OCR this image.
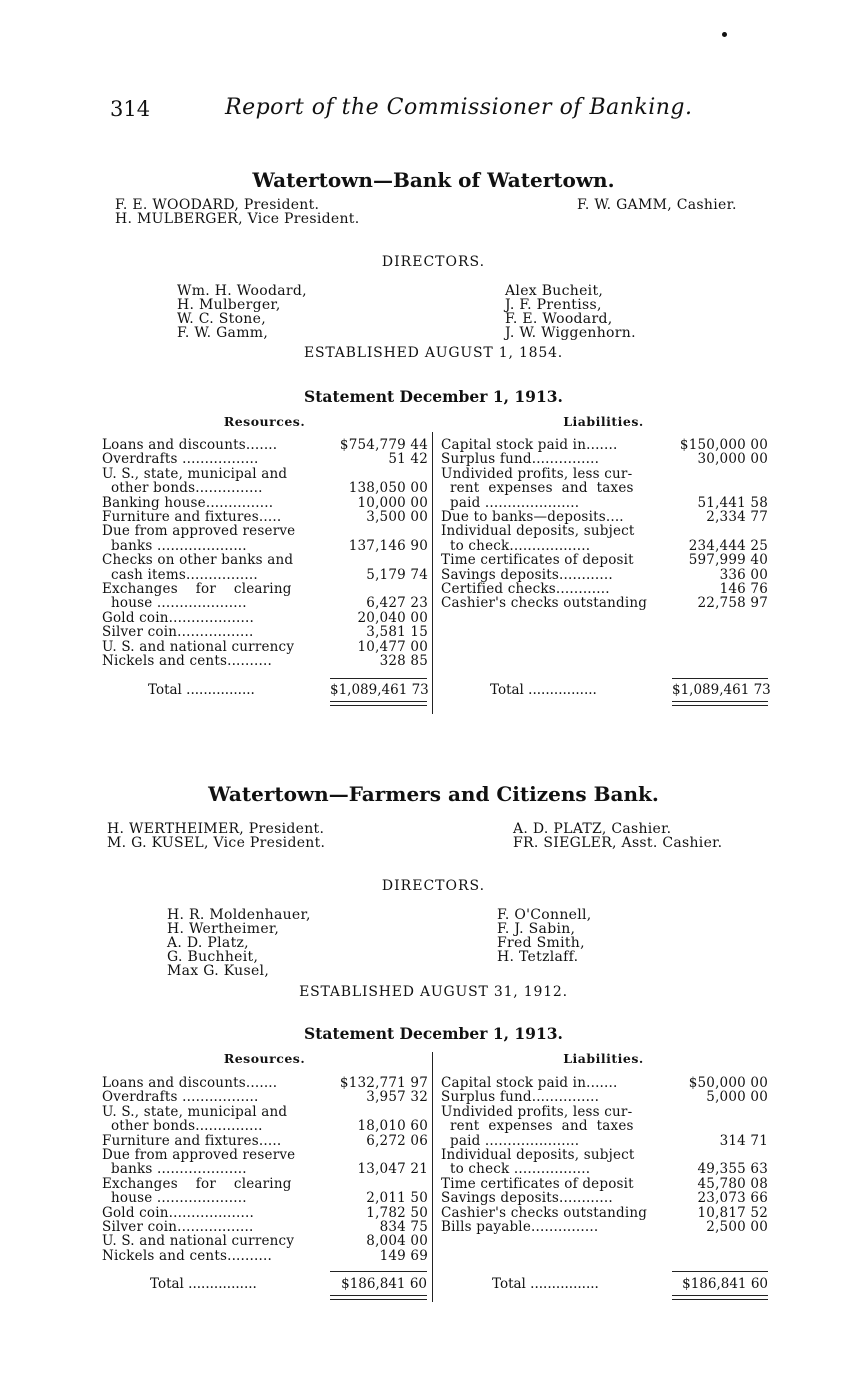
314	Report of the Commissioner of Banking.
Watertown—Bank of Watertown.
F. E. WOODARD, President.
H. MULBERGER, Vice President.
F. W. GAMM, Cashier.
DIRECTORS.
Wm. H. Woodard,
H. Mulberger,
W. C. Stone,
F. W. Gamm,
Alex Bucheit,
J. F. Prentiss,
F. E. Woodard,
J. W. Wiggenhorn.
ESTABLISHED AUGUST 1, 1854.
Statement December 1, 1913.
Resources.	Liabilities.
Loans and discounts.......	$754,779 44
Overdrafts .................	51 42
U. S., state, municipal and
other bonds...............	138,050 00
Banking house...............	10,000 00
Furniture and fixtures.....	3,500 00
Due from approved reserve
banks ....................	137,146 90
Checks on other banks and
cash items................	5,179 74
Exchanges    for    clearing
house ....................	6,427 23
Gold coin...................	20,040 00
Silver coin.................	3,581 15
U. S. and national currency	10,477 00
Nickels and cents..........	328 85
Capital stock paid in.......	$150,000 00
Surplus fund...............	30,000 00
Undivided profits, less cur-
rent  expenses  and  taxes
paid .....................	51,441 58
Due to banks—deposits....	2,334 77
Individual deposits, subject
to check..................	234,444 25
Time certificates of deposit	597,999 40
Savings deposits............	336 00
Certified checks............	146 76
Cashier's checks outstanding	22,758 97
Total ................	$1,089,461 73	Total ................	$1,089,461 73
Watertown—Farmers and Citizens Bank.
H. WERTHEIMER, President.
M. G. KUSEL, Vice President.
A. D. PLATZ, Cashier.
FR. SIEGLER, Asst. Cashier.
DIRECTORS.
H. R. Moldenhauer,
H. Wertheimer,
A. D. Platz,
G. Buchheit,
Max G. Kusel,
F. O'Connell,
F. J. Sabin,
Fred Smith,
H. Tetzlaff.
ESTABLISHED AUGUST 31, 1912.
Statement December 1, 1913.
Resources.	Liabilities.
Loans and discounts.......	$132,771 97
Overdrafts .................	3,957 32
U. S., state, municipal and
other bonds...............	18,010 60
Furniture and fixtures.....	6,272 06
Due from approved reserve
banks ....................	13,047 21
Exchanges    for    clearing
house ....................	2,011 50
Gold coin...................	1,782 50
Silver coin.................	834 75
U. S. and national currency	8,004 00
Nickels and cents..........	149 69
Capital stock paid in.......	$50,000 00
Surplus fund...............	5,000 00
Undivided profits, less cur-
rent  expenses  and  taxes
paid .....................	314 71
Individual deposits, subject
to check .................	49,355 63
Time certificates of deposit	45,780 08
Savings deposits............	23,073 66
Cashier's checks outstanding	10,817 52
Bills payable...............	2,500 00
Total ................	$186,841 60	Total ................	$186,841 60
